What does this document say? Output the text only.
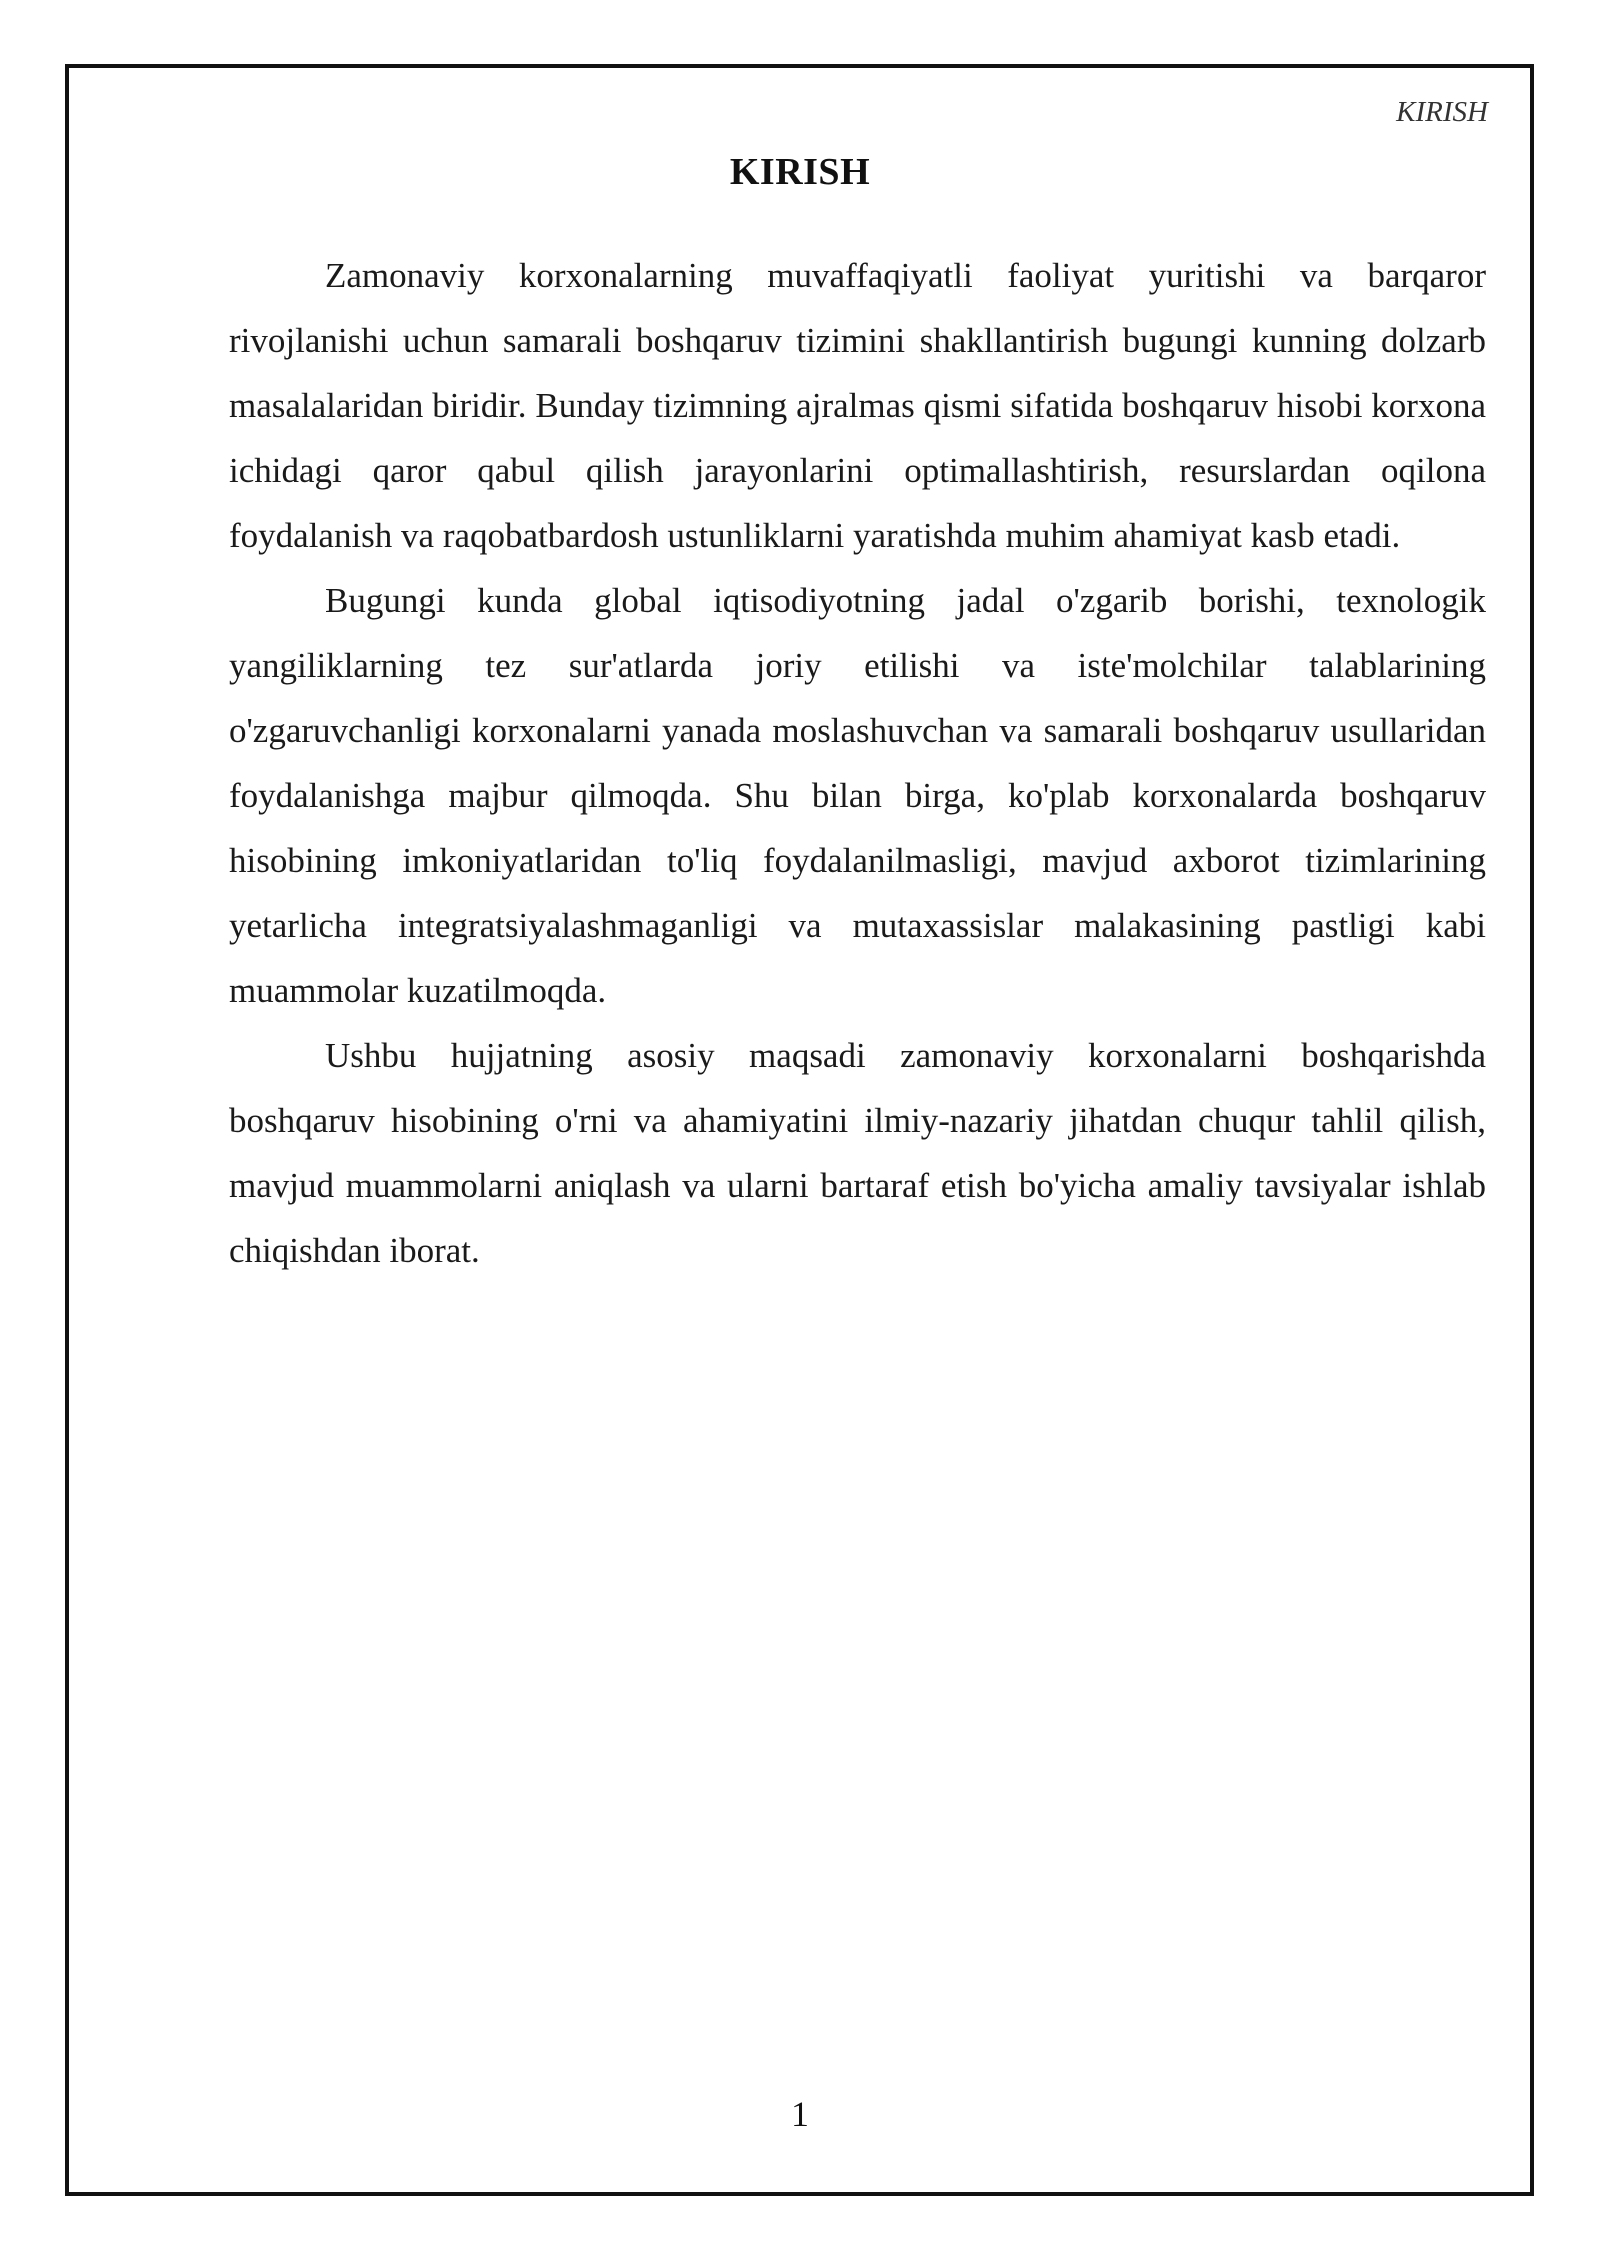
KIRISH
KIRISH

Zamonaviy korxonalarning muvaffaqiyatli faoliyat yuritishi va barqaror rivojlanishi uchun samarali boshqaruv tizimini shakllantirish bugungi kunning dolzarb masalalaridan biridir. Bunday tizimning ajralmas qismi sifatida boshqaruv hisobi korxona ichidagi qaror qabul qilish jarayonlarini optimallashtirish, resurslardan oqilona foydalanish va raqobatbardosh ustunliklarni yaratishda muhim ahamiyat kasb etadi.

Bugungi kunda global iqtisodiyotning jadal o'zgarib borishi, texnologik yangiliklarning tez sur'atlarda joriy etilishi va iste'molchilar talablarining o'zgaruvchanligi korxonalarni yanada moslashuvchan va samarali boshqaruv usullaridan foydalanishga majbur qilmoqda. Shu bilan birga, ko'plab korxonalarda boshqaruv hisobining imkoniyatlaridan to'liq foydalanilmasligi, mavjud axborot tizimlarining yetarlicha integratsiyalashmaganligi va mutaxassislar malakasining pastligi kabi muammolar kuzatilmoqda.

Ushbu hujjatning asosiy maqsadi zamonaviy korxonalarni boshqarishda boshqaruv hisobining o'rni va ahamiyatini ilmiy-nazariy jihatdan chuqur tahlil qilish, mavjud muammolarni aniqlash va ularni bartaraf etish bo'yicha amaliy tavsiyalar ishlab chiqishdan iborat.

1
